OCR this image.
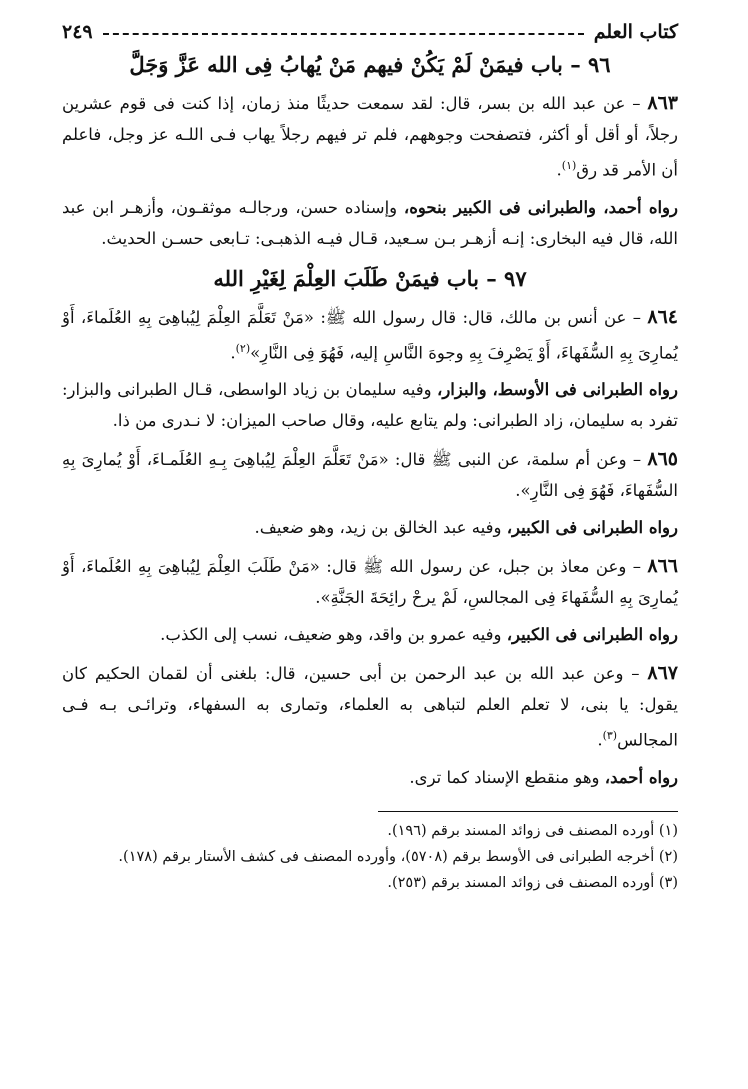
كتاب العلم
٢٤٩
٩٦ – باب فيمَنْ لَمْ يَكُنْ فيهم مَنْ يُهابُ فِى الله عَزَّ وَجَلَّ

٨٦٣ – عن عبد الله بن بسر، قال: لقد سمعت حديثًا منذ زمان، إذا كنت فى قوم عشرين رجلاً، أو أقل أو أكثر، فتصفحت وجوههم، فلم تر فيهم رجلاً يهاب فـى اللـه عز وجل، فاعلم أن الأمر قد رق$^{(١)}$.

رواه أحمد، والطبرانى فى الكبير بنحوه، وإسناده حسن، ورجالـه موثقـون، وأزهـر ابن عبد الله، قال فيه البخارى: إنـه أزهـر بـن سـعيد، قـال فيـه الذهبـى: تـابعى حسـن الحديث.

٩٧ – باب فيمَنْ طَلَبَ العِلْمَ لِغَيْرِ الله

٨٦٤ – عن أنس بن مالك، قال: قال رسول الله ﷺ: «مَنْ تَعَلَّمَ العِلْمَ لِيُباهِىَ بِهِ العُلَماءَ، أَوْ يُمارِىَ بِهِ السُّفَهاءَ، أَوْ يَصْرِفَ بِهِ وجوهَ النَّاسِ إليه، فَهُوَ فِى النَّارِ»$^{(٢)}$.

رواه الطبرانى فى الأوسط، والبزار، وفيه سليمان بن زياد الواسطى، قـال الطبرانى والبزار: تفرد به سليمان، زاد الطبرانى: ولم يتابع عليه، وقال صاحب الميزان: لا نـدرى من ذا.

٨٦٥ – وعن أم سلمة، عن النبى ﷺ قال: «مَنْ تَعَلَّمَ العِلْمَ لِيُباهِىَ بِـهِ العُلَمـاءَ، أَوْ يُمارِىَ بِهِ السُّفَهاءَ، فَهُوَ فِى النَّارِ».

رواه الطبرانى فى الكبير، وفيه عبد الخالق بن زيد، وهو ضعيف.

٨٦٦ – وعن معاذ بن جبل، عن رسول الله ﷺ قال: «مَنْ طَلَبَ العِلْمَ لِيُباهِىَ بِهِ العُلَماءَ، أَوْ يُمارِىَ بِهِ السُّفَهاءَ فِى المجالسِ، لَمْ يرحْ رائِحَةَ الجَنَّةِ».

رواه الطبرانى فى الكبير، وفيه عمرو بن واقد، وهو ضعيف، نسب إلى الكذب.

٨٦٧ – وعن عبد الله بن عبد الرحمن بن أبى حسين، قال: بلغنى أن لقمان الحكيم كان يقول: يا بنى، لا تعلم العلم لتباهى به العلماء، وتمارى به السفهاء، وترائـى بـه فـى المجالس$^{(٣)}$.

رواه أحمد، وهو منقطع الإسناد كما ترى.

(١) أورده المصنف فى زوائد المسند برقم (١٩٦).

(٢) أخرجه الطبرانى فى الأوسط برقم (٥٧٠٨)، وأورده المصنف فى كشف الأستار برقم (١٧٨).

(٣) أورده المصنف فى زوائد المسند برقم (٢٥٣).
